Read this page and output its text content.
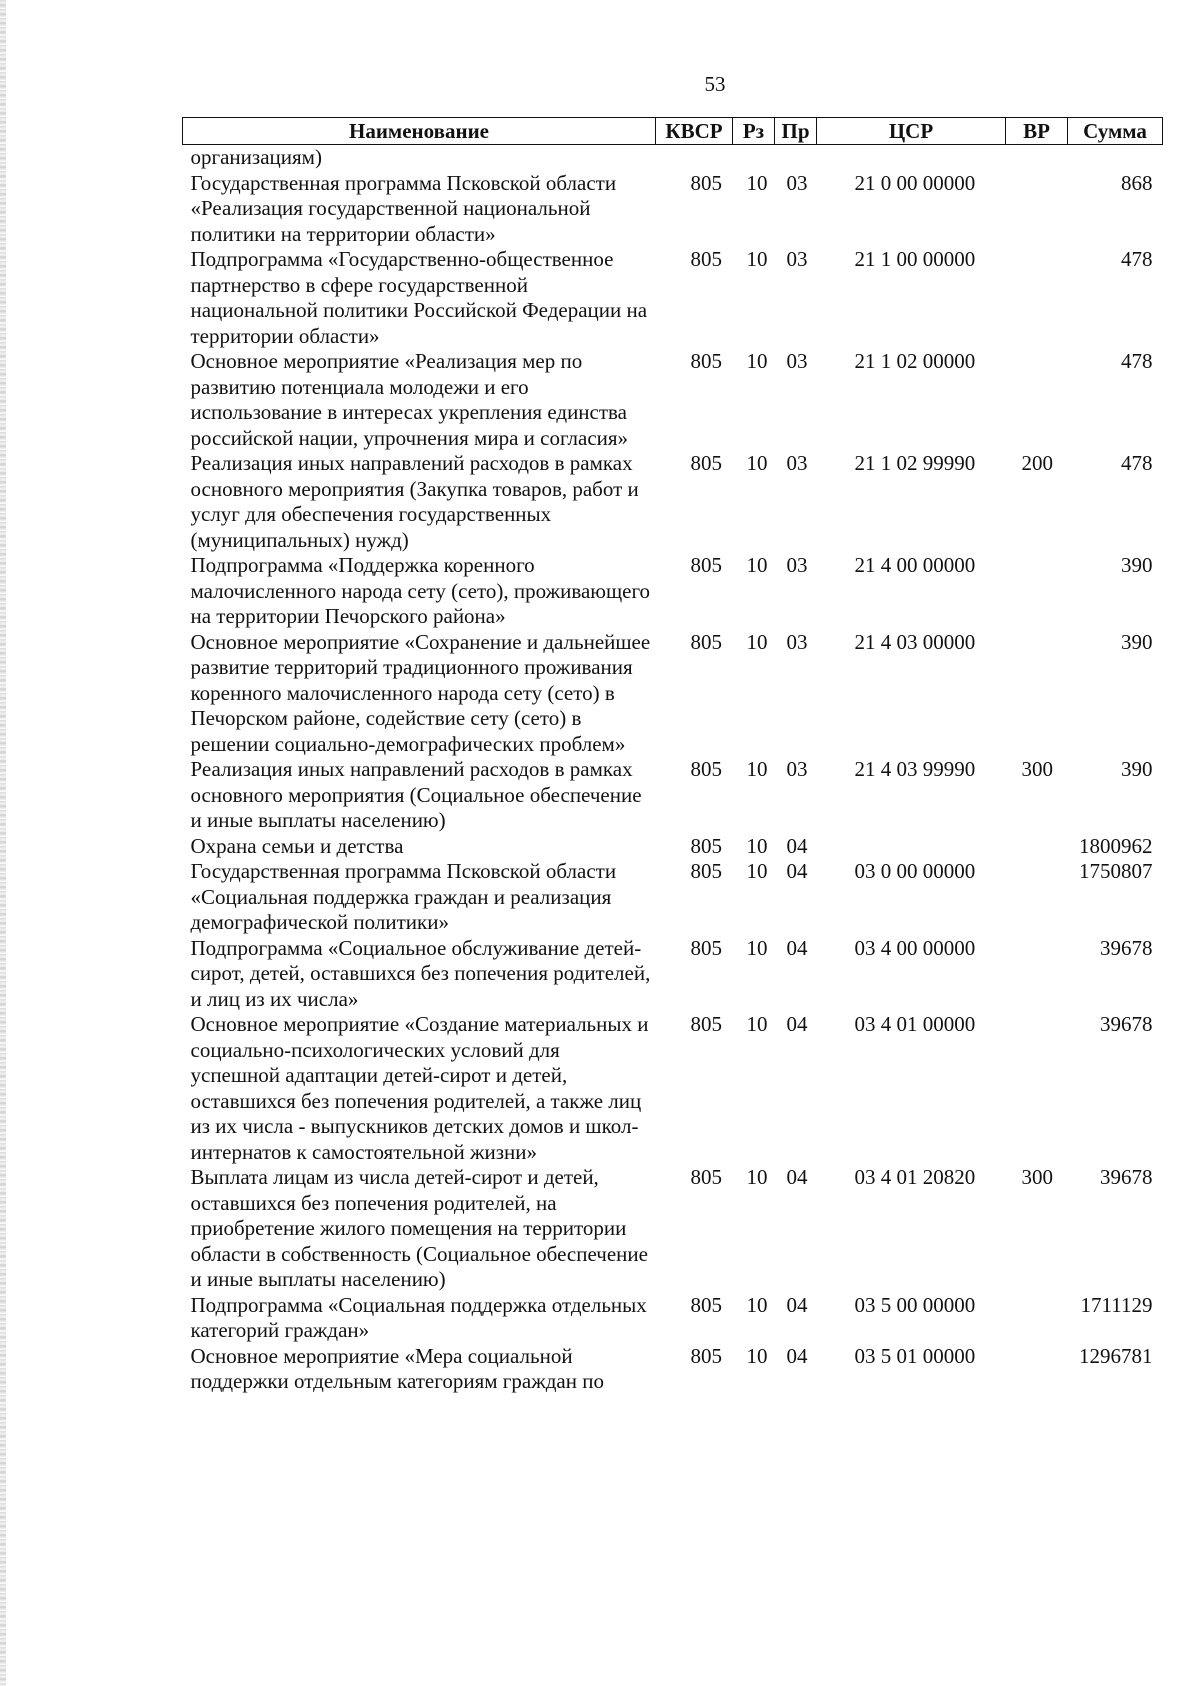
53
Наименование	КВСР	Рз	Пр	ЦСР	ВР	Сумма
организациям)						
Государственная программа Псковской области «Реализация государственной национальной политики на территории области»	805	10	03	21 0 00 00000		868
Подпрограмма «Государственно-общественное партнерство в сфере государственной национальной политики Российской Федерации на территории области»	805	10	03	21 1 00 00000		478
Основное мероприятие «Реализация мер по развитию потенциала молодежи и его использование в интересах укрепления единства российской нации, упрочнения мира и согласия»	805	10	03	21 1 02 00000		478
Реализация иных направлений расходов в рамках основного мероприятия (Закупка товаров, работ и услуг для обеспечения государственных (муниципальных) нужд)	805	10	03	21 1 02 99990	200	478
Подпрограмма «Поддержка коренного малочисленного народа сету (сето), проживающего на территории Печорского района»	805	10	03	21 4 00 00000		390
Основное мероприятие «Сохранение и дальнейшее развитие территорий традиционного проживания коренного малочисленного народа сету (сето) в Печорском районе, содействие сету (сето) в решении социально-демографических проблем»	805	10	03	21 4 03 00000		390
Реализация иных направлений расходов в рамках основного мероприятия (Социальное обеспечение и иные выплаты населению)	805	10	03	21 4 03 99990	300	390
Охрана семьи и детства	805	10	04			1800962
Государственная программа Псковской области «Социальная поддержка граждан и реализация демографической политики»	805	10	04	03 0 00 00000		1750807
Подпрограмма «Социальное обслуживание детей-сирот, детей, оставшихся без попечения родителей, и лиц из их числа»	805	10	04	03 4 00 00000		39678
Основное мероприятие «Создание материальных и социально-психологических условий для успешной адаптации детей-сирот и детей, оставшихся без попечения родителей, а также лиц из их числа - выпускников детских домов и школ-интернатов к самостоятельной жизни»	805	10	04	03 4 01 00000		39678
Выплата лицам из числа детей-сирот и детей, оставшихся без попечения родителей, на приобретение жилого помещения на территории области в собственность (Социальное обеспечение и иные выплаты населению)	805	10	04	03 4 01 20820	300	39678
Подпрограмма «Социальная поддержка отдельных категорий граждан»	805	10	04	03 5 00 00000		1711129
Основное мероприятие «Мера социальной поддержки отдельным категориям граждан по	805	10	04	03 5 01 00000		1296781
